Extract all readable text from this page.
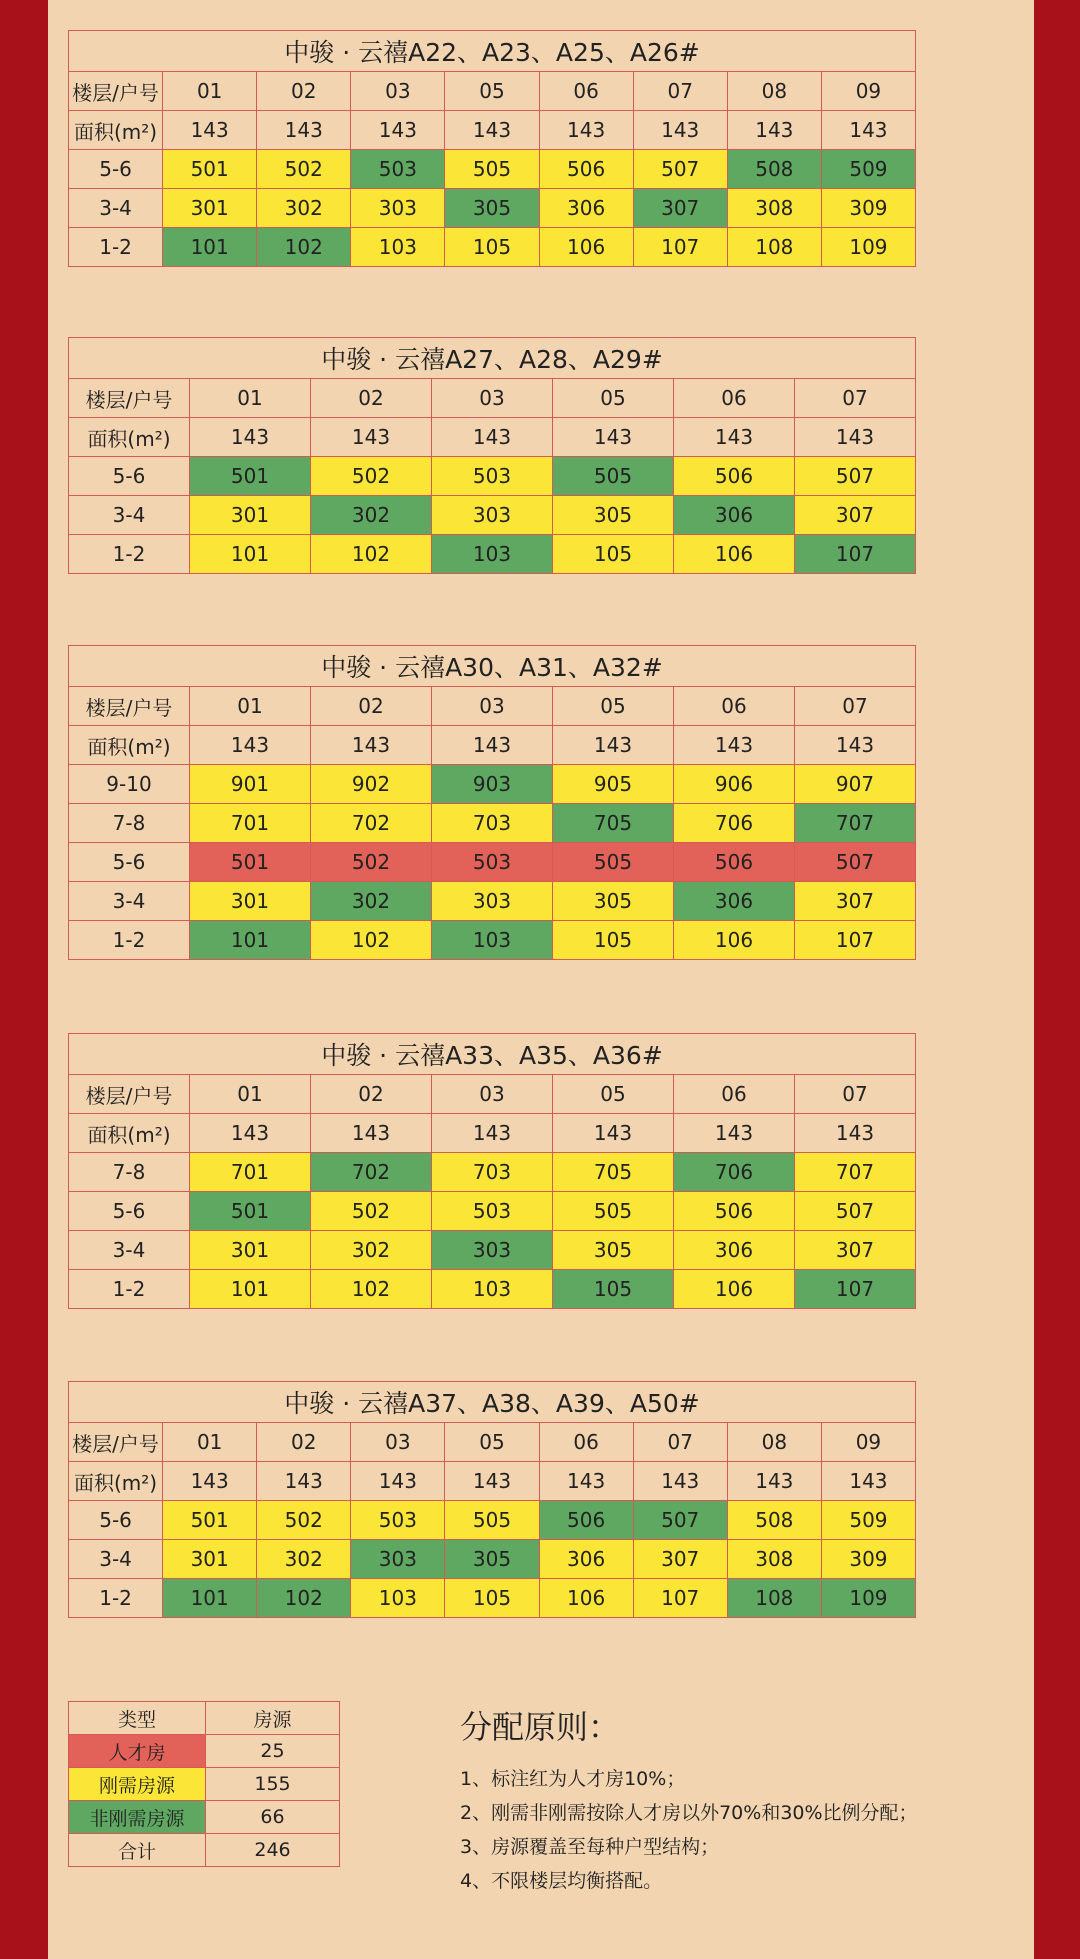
中骏 · 云禧A22、A23、A25、A26#								
楼层/户号	01	02	03	05	06	07	08	09
面积(m²)	143	143	143	143	143	143	143	143
5-6	501	502	503	505	506	507	508	509
3-4	301	302	303	305	306	307	308	309
1-2	101	102	103	105	106	107	108	109
中骏 · 云禧A27、A28、A29#						
楼层/户号	01	02	03	05	06	07
面积(m²)	143	143	143	143	143	143
5-6	501	502	503	505	506	507
3-4	301	302	303	305	306	307
1-2	101	102	103	105	106	107
中骏 · 云禧A30、A31、A32#						
楼层/户号	01	02	03	05	06	07
面积(m²)	143	143	143	143	143	143
9-10	901	902	903	905	906	907
7-8	701	702	703	705	706	707
5-6	501	502	503	505	506	507
3-4	301	302	303	305	306	307
1-2	101	102	103	105	106	107
中骏 · 云禧A33、A35、A36#						
楼层/户号	01	02	03	05	06	07
面积(m²)	143	143	143	143	143	143
7-8	701	702	703	705	706	707
5-6	501	502	503	505	506	507
3-4	301	302	303	305	306	307
1-2	101	102	103	105	106	107
中骏 · 云禧A37、A38、A39、A50#								
楼层/户号	01	02	03	05	06	07	08	09
面积(m²)	143	143	143	143	143	143	143	143
5-6	501	502	503	505	506	507	508	509
3-4	301	302	303	305	306	307	308	309
1-2	101	102	103	105	106	107	108	109
类型	房源
人才房	25
刚需房源	155
非刚需房源	66
合计	246
分配原则：

1、标注红为人才房10%；

2、刚需非刚需按除人才房以外70%和30%比例分配；

3、房源覆盖至每种户型结构；

4、不限楼层均衡搭配。
